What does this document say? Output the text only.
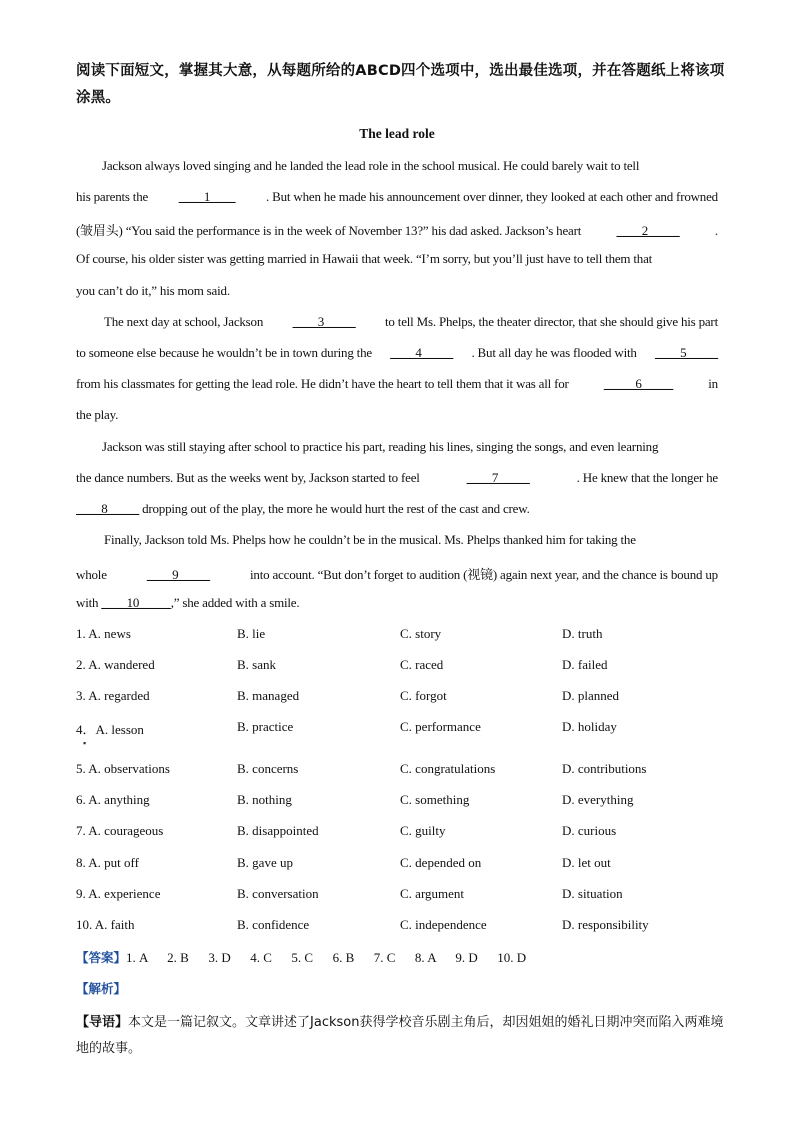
阅读下面短文，掌握其大意，从每题所给的ABCD四个选项中，选出最佳选项，并在答题纸上将该项涂黑。
The lead role
Jackson always loved singing and he landed the lead role in the school musical. He could barely wait to tell
his parents the ____1____ . But when he made his announcement over dinner, they looked at each other and frowned
(皱眉头) “You said the performance is in the week of November 13?” his dad asked. Jackson’s heart	____2_____	.
Of course, his older sister was getting married in Hawaii that week. “I’m sorry, but you’ll just have to tell them that
you can’t do it,” his mom said.
The next day at school, Jackson ____3_____ to tell Ms. Phelps, the theater director, that she should give his part
to someone else because he wouldn’t be in town during the ____4_____ . But all day he was flooded with ____5_____
from his classmates for getting the lead role. He didn’t have the heart to tell them that it was all for	_____6_____	in
the play.
Jackson was still staying after school to practice his part, reading his lines, singing the songs, and even learning
the dance numbers. But as the weeks went by, Jackson started to feel	____7_____	. He knew that the longer he
____8_____ dropping out of the play, the more he would hurt the rest of the cast and crew.
Finally, Jackson told Ms. Phelps how he couldn’t be in the musical. Ms. Phelps thanked him for taking the
whole	____9_____	into account. “But don’t forget to audition (视镜) again next year, and the chance is bound up
with ____10_____ ,” she added with a smile.
1. A. news	B. lie	C. story	D. truth
2. A. wandered	B. sank	C. raced	D. failed
3. A. regarded	B. managed	C. forgot	D. planned
4．A. lesson	B. practice	C. performance	D. holiday
▪
5. A. observations	B. concerns	C. congratulations	D. contributions
6. A. anything	B. nothing	C. something	D. everything
7. A. courageous	B. disappointed	C. guilty	D. curious
8. A. put off	B. gave up	C. depended on	D. let out
9. A. experience	B. conversation	C. argument	D. situation
10. A. faith	B. confidence	C. independence	D. responsibility
【答案】1. A      2. B      3. D      4. C      5. C      6. B      7. C      8. A      9. D      10. D
【解析】
【导语】本文是一篇记叙文。文章讲述了Jackson获得学校音乐剧主角后，却因姐姐的婚礼日期冲突而陷入两难境地的故事。
